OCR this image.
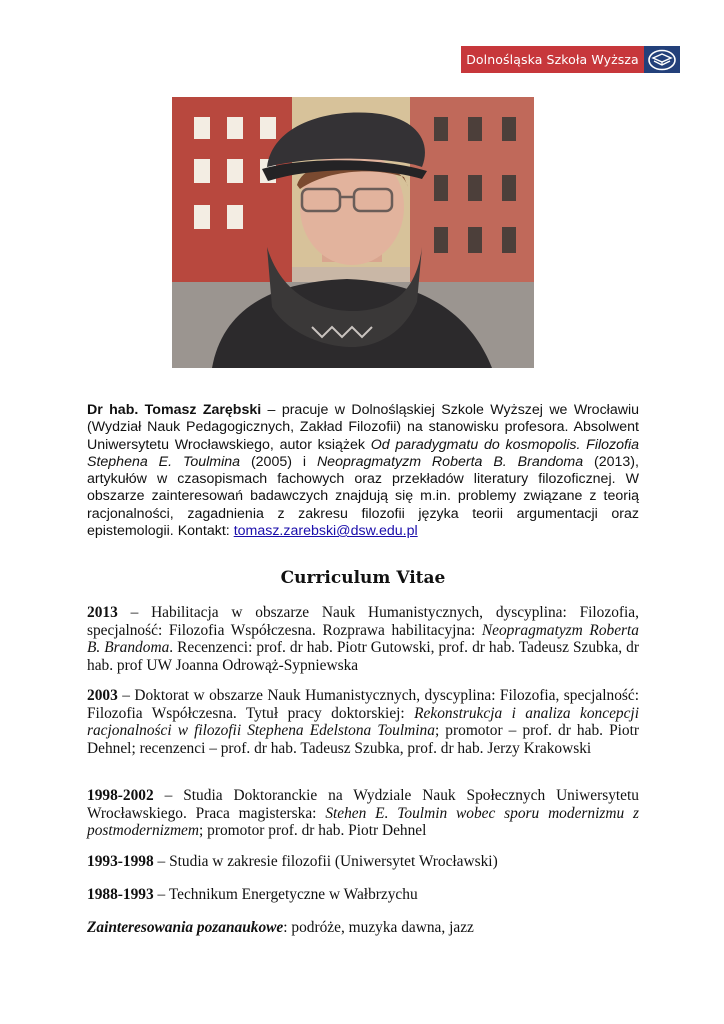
Dolnośląska Szkoła Wyższa

Dr hab. Tomasz Zarębski – pracuje w Dolnośląskiej Szkole Wyższej we Wrocławiu (Wydział Nauk Pedagogicznych, Zakład Filozofii) na stanowisku profesora. Absolwent Uniwersytetu Wrocławskiego, autor książek Od paradygmatu do kosmopolis. Filozofia Stephena E. Toulmina (2005) i Neopragmatyzm Roberta B. Brandoma (2013), artykułów w czasopismach fachowych oraz przekładów literatury filozoficznej. W obszarze zainteresowań badawczych znajdują się m.in. problemy związane z teorią racjonalności, zagadnienia z zakresu filozofii języka teorii argumentacji oraz epistemologii. Kontakt: tomasz.zarebski@dsw.edu.pl

Curriculum Vitae

2013 – Habilitacja w obszarze Nauk Humanistycznych, dyscyplina: Filozofia, specjalność: Filozofia Współczesna. Rozprawa habilitacyjna: Neopragmatyzm Roberta B. Brandoma. Recenzenci: prof. dr hab. Piotr Gutowski, prof. dr hab. Tadeusz Szubka, dr hab. prof UW Joanna Odrowąż-Sypniewska

2003 – Doktorat w obszarze Nauk Humanistycznych, dyscyplina: Filozofia, specjalność: Filozofia Współczesna. Tytuł pracy doktorskiej: Rekonstrukcja i analiza koncepcji racjonalności w filozofii Stephena Edelstona Toulmina; promotor – prof. dr hab. Piotr Dehnel; recenzenci – prof. dr hab. Tadeusz Szubka, prof. dr hab. Jerzy Krakowski

1998-2002 – Studia Doktoranckie na Wydziale Nauk Społecznych Uniwersytetu Wrocławskiego. Praca magisterska: Stehen E. Toulmin wobec sporu modernizmu z postmodernizmem; promotor prof. dr hab. Piotr Dehnel

1993-1998 – Studia w zakresie filozofii (Uniwersytet Wrocławski)

1988-1993 – Technikum Energetyczne w Wałbrzychu

Zainteresowania pozanaukowe: podróże, muzyka dawna, jazz
